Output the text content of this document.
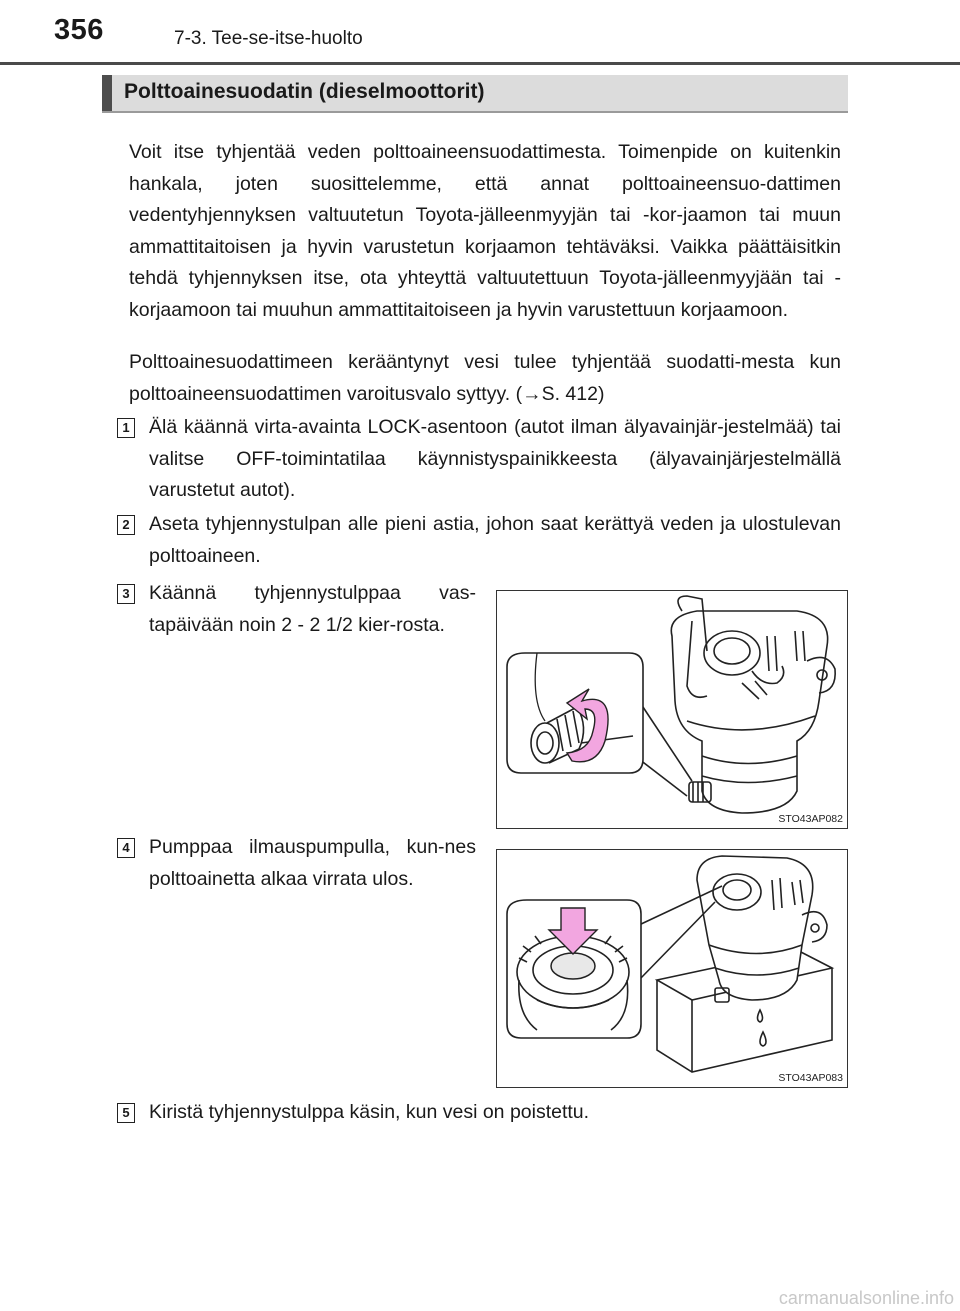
356	7-3. Tee-se-itse-huolto
Polttoainesuodatin (dieselmoottorit)

Voit itse tyhjentää veden polttoaineensuodattimesta. Toimenpide on kuitenkin hankala, joten suosittelemme, että annat polttoaineensuo-dattimen vedentyhjennyksen valtuutetun Toyota-jälleenmyyjän tai -kor-jaamon tai muun ammattitaitoisen ja hyvin varustetun korjaamon tehtäväksi. Vaikka päättäisitkin tehdä tyhjennyksen itse, ota yhteyttä valtuutettuun Toyota-jälleenmyyjään tai -korjaamoon tai muuhun ammattitaitoiseen ja hyvin varustettuun korjaamoon.

Polttoainesuodattimeen kerääntynyt vesi tulee tyhjentää suodatti-mesta kun polttoaineensuodattimen varoitusvalo syttyy. (→S. 412)

1 Älä käännä virta-avainta LOCK-asentoon (autot ilman älyavainjär-jestelmää) tai valitse OFF-toimintatilaa käynnistyspainikkeesta (älyavainjärjestelmällä varustetut autot).

2 Aseta tyhjennystulpan alle pieni astia, johon saat kerättyä veden ja ulostulevan polttoaineen.

3 Käännä tyhjennystulppaa vas-tapäivään noin 2 - 2 1/2 kier-rosta.

STO43AP082
4 Pumppaa ilmauspumpulla, kun-nes polttoainetta alkaa virrata ulos.

STO43AP083
5 Kiristä tyhjennystulppa käsin, kun vesi on poistettu.

carmanualsonline.info
